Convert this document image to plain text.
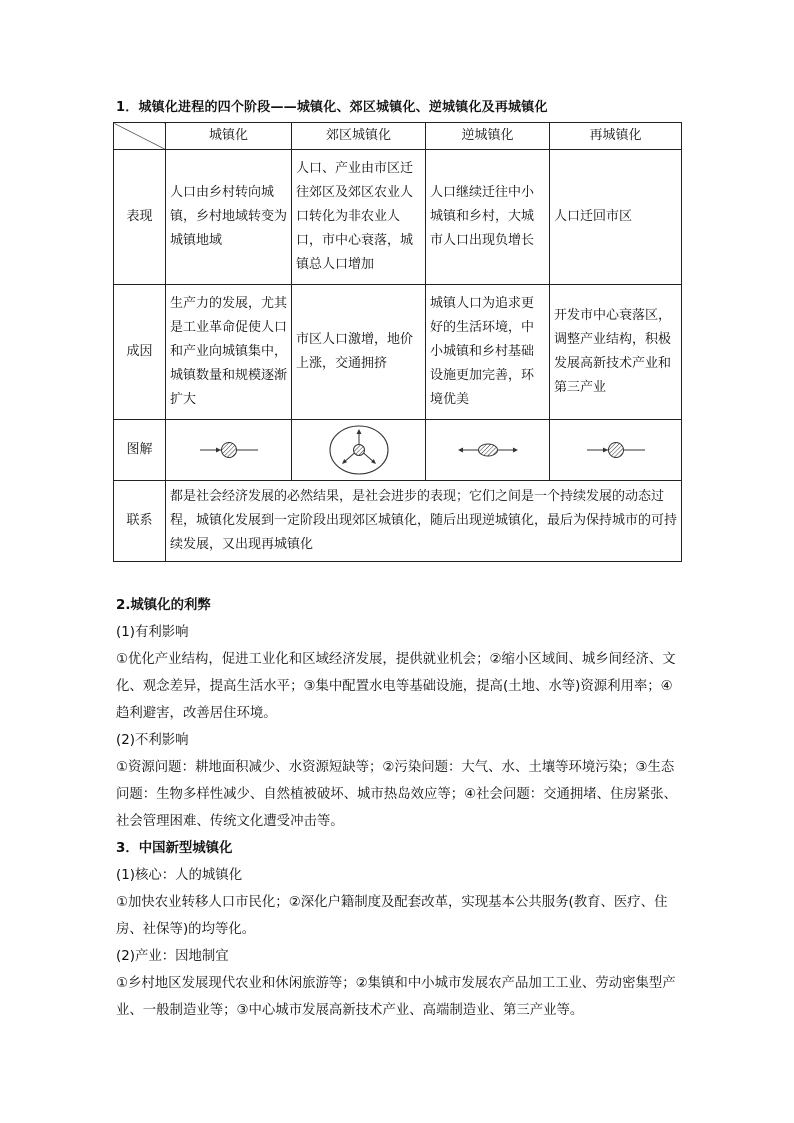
1．城镇化进程的四个阶段——城镇化、郊区城镇化、逆城镇化及再城镇化
	城镇化	郊区城镇化	逆城镇化	再城镇化
表现	人口由乡村转向城镇，乡村地域转变为城镇地域	人口、产业由市区迁往郊区及郊区农业人口转化为非农业人口，市中心衰落，城镇总人口增加	人口继续迁往中小城镇和乡村，大城市人口出现负增长	人口迁回市区
成因	生产力的发展，尤其是工业革命促使人口和产业向城镇集中，城镇数量和规模逐渐扩大	市区人口激增，地价上涨，交通拥挤	城镇人口为追求更好的生活环境，中小城镇和乡村基础设施更加完善，环境优美	开发市中心衰落区，调整产业结构，积极发展高新技术产业和第三产业
图解	

联系	都是社会经济发展的必然结果，是社会进步的表现；它们之间是一个持续发展的动态过程，城镇化发展到一定阶段出现郊区城镇化，随后出现逆城镇化，最后为保持城市的可持续发展，又出现再城镇化			

2.城镇化的利弊

(1)有利影响

①优化产业结构，促进工业化和区域经济发展，提供就业机会；②缩小区域间、城乡间经济、文化、观念差异，提高生活水平；③集中配置水电等基础设施，提高(土地、水等)资源利用率；④趋利避害，改善居住环境。

(2)不利影响

①资源问题：耕地面积减少、水资源短缺等；②污染问题：大气、水、土壤等环境污染；③生态问题：生物多样性减少、自然植被破坏、城市热岛效应等；④社会问题：交通拥堵、住房紧张、社会管理困难、传统文化遭受冲击等。

3．中国新型城镇化

(1)核心：人的城镇化

①加快农业转移人口市民化；②深化户籍制度及配套改革，实现基本公共服务(教育、医疗、住房、社保等)的均等化。

(2)产业：因地制宜

①乡村地区发展现代农业和休闲旅游等；②集镇和中小城市发展农产品加工工业、劳动密集型产业、一般制造业等；③中心城市发展高新技术产业、高端制造业、第三产业等。
